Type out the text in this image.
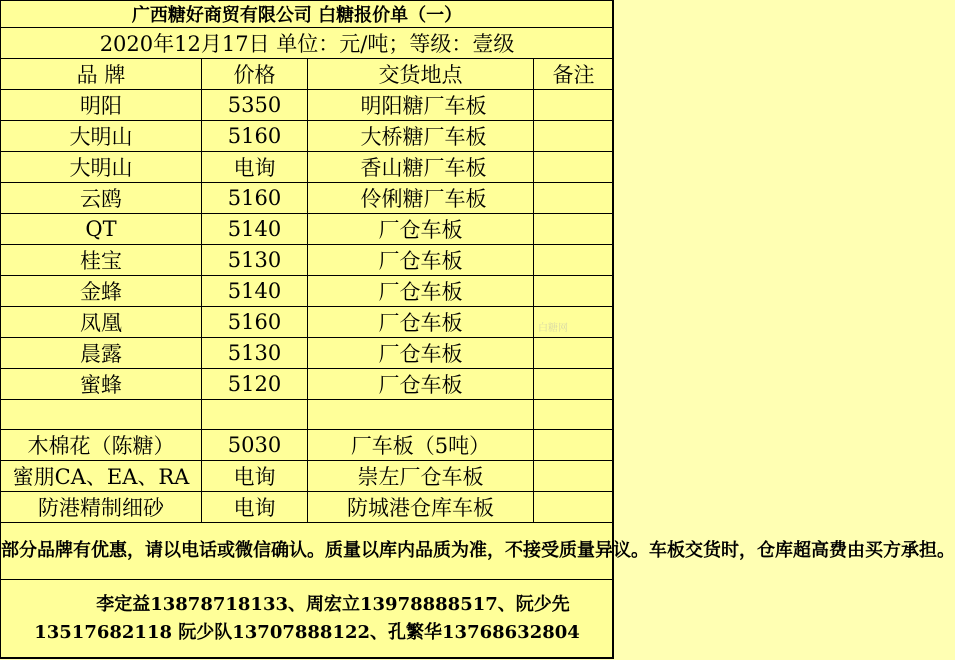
广西糖好商贸有限公司 白糖报价单（一）			
2020年12月17日 单位：元/吨；等级：壹级			
品 牌	价格	交货地点	备注
明阳	5350	明阳糖厂车板	
大明山	5160	大桥糖厂车板	
大明山	电询	香山糖厂车板	
云鸥	5160	伶俐糖厂车板	
QT	5140	厂仓车板	
桂宝	5130	厂仓车板	
金蜂	5140	厂仓车板	
凤凰	5160	厂仓车板	
晨露	5130	厂仓车板	
蜜蜂	5120	厂仓车板	

木棉花（陈糖）	5030	厂车板（5吨）	
蜜朋CA、EA、RA	电询	崇左厂仓车板	
防港精制细砂	电询	防城港仓库车板	
部分品牌有优惠，请以电话或微信确认。质量以库内品质为准，不接受质量异议。车板交货时，仓库超高费由买方承担。			

李定益13878718133、周宏立13978888517、阮少先
13517682118 阮少队13707888122、孔繁华13768632804			
白糖网
